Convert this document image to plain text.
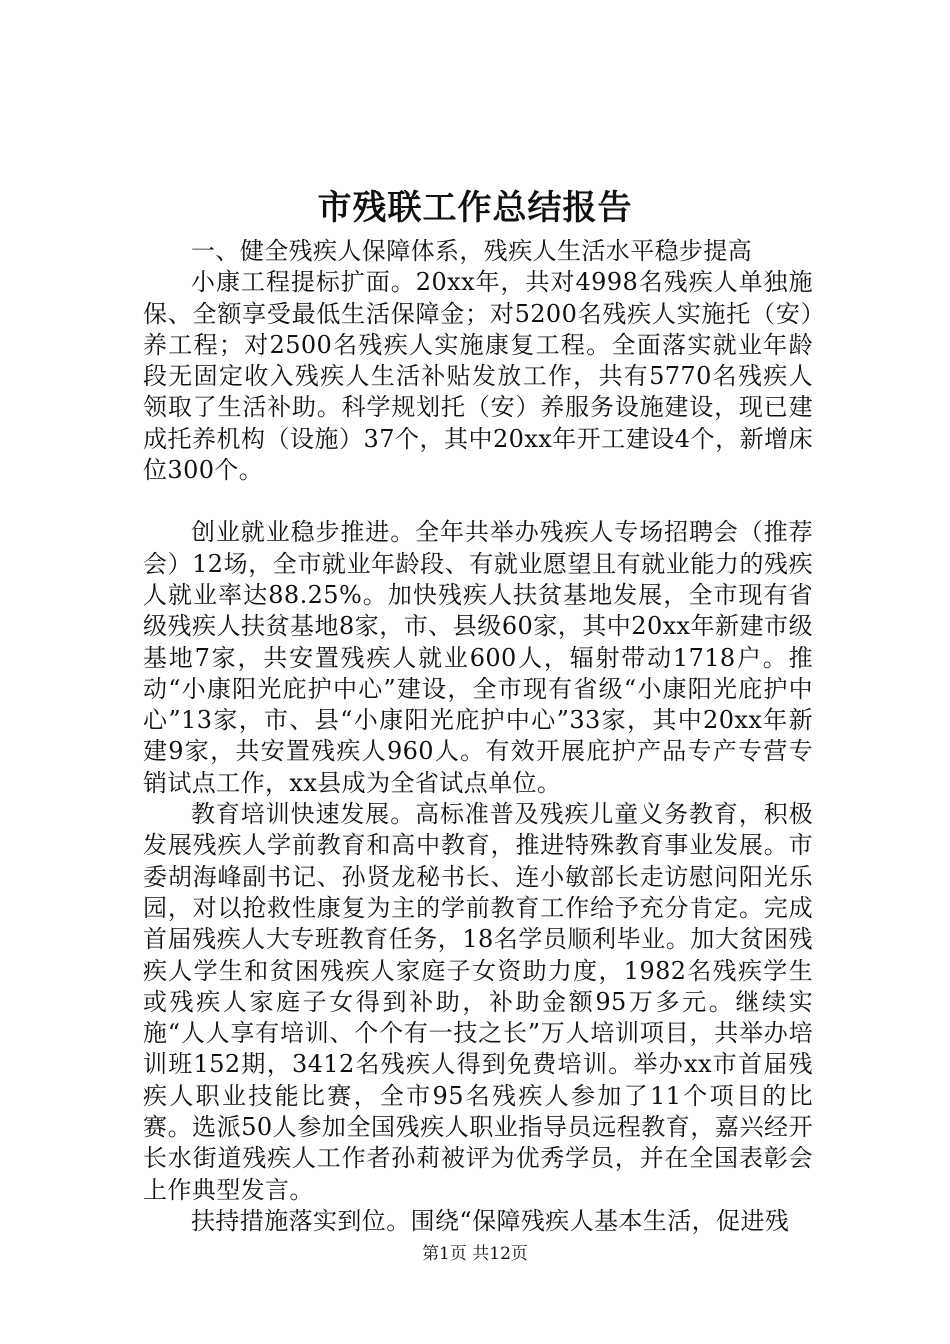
市残联工作总结报告

一、健全残疾人保障体系，残疾人生活水平稳步提高

小康工程提标扩面。20xx年，共对4998名残疾人单独施保、全额享受最低生活保障金；对5200名残疾人实施托（安）养工程；对2500名残疾人实施康复工程。全面落实就业年龄段无固定收入残疾人生活补贴发放工作，共有5770名残疾人领取了生活补助。科学规划托（安）养服务设施建设，现已建成托养机构（设施）37个，其中20xx年开工建设4个，新增床位300个。

创业就业稳步推进。全年共举办残疾人专场招聘会（推荐会）12场，全市就业年龄段、有就业愿望且有就业能力的残疾人就业率达88.25%。加快残疾人扶贫基地发展，全市现有省级残疾人扶贫基地8家，市、县级60家，其中20xx年新建市级基地7家，共安置残疾人就业600人，辐射带动1718户。推动“小康阳光庇护中心”建设，全市现有省级“小康阳光庇护中心”13家，市、县“小康阳光庇护中心”33家，其中20xx年新建9家，共安置残疾人960人。有效开展庇护产品专产专营专销试点工作，xx县成为全省试点单位。

教育培训快速发展。高标准普及残疾儿童义务教育，积极发展残疾人学前教育和高中教育，推进特殊教育事业发展。市委胡海峰副书记、孙贤龙秘书长、连小敏部长走访慰问阳光乐园，对以抢救性康复为主的学前教育工作给予充分肯定。完成首届残疾人大专班教育任务，18名学员顺利毕业。加大贫困残疾人学生和贫困残疾人家庭子女资助力度，1982名残疾学生或残疾人家庭子女得到补助，补助金额95万多元。继续实施“人人享有培训、个个有一技之长”万人培训项目，共举办培训班152期，3412名残疾人得到免费培训。举办xx市首届残疾人职业技能比赛，全市95名残疾人参加了11个项目的比赛。选派50人参加全国残疾人职业指导员远程教育，嘉兴经开长水街道残疾人工作者孙莉被评为优秀学员，并在全国表彰会上作典型发言。

扶持措施落实到位。围绕“保障残疾人基本生活，促进残

第1页 共12页
